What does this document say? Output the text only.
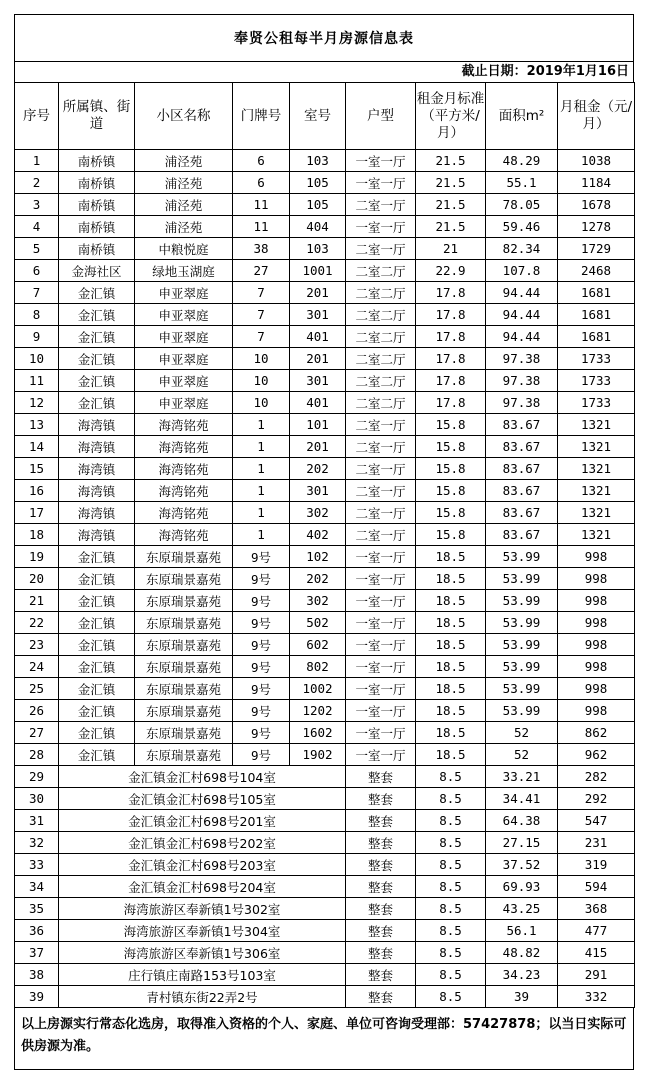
奉贤公租每半月房源信息表
截止日期：2019年1月16日
序号	所属镇、街道	小区名称	门牌号	室号	户型	租金月标准（平方米/月）	面积m²	月租金（元/月）
1	南桥镇	浦泾苑	6	103	一室一厅	21.5	48.29	1038
2	南桥镇	浦泾苑	6	105	一室一厅	21.5	55.1	1184
3	南桥镇	浦泾苑	11	105	二室一厅	21.5	78.05	1678
4	南桥镇	浦泾苑	11	404	一室一厅	21.5	59.46	1278
5	南桥镇	中粮悦庭	38	103	二室一厅	21	82.34	1729
6	金海社区	绿地玉湖庭	27	1001	二室二厅	22.9	107.8	2468
7	金汇镇	申亚翠庭	7	201	二室二厅	17.8	94.44	1681
8	金汇镇	申亚翠庭	7	301	二室二厅	17.8	94.44	1681
9	金汇镇	申亚翠庭	7	401	二室二厅	17.8	94.44	1681
10	金汇镇	申亚翠庭	10	201	二室二厅	17.8	97.38	1733
11	金汇镇	申亚翠庭	10	301	二室二厅	17.8	97.38	1733
12	金汇镇	申亚翠庭	10	401	二室二厅	17.8	97.38	1733
13	海湾镇	海湾铭苑	1	101	二室一厅	15.8	83.67	1321
14	海湾镇	海湾铭苑	1	201	二室一厅	15.8	83.67	1321
15	海湾镇	海湾铭苑	1	202	二室一厅	15.8	83.67	1321
16	海湾镇	海湾铭苑	1	301	二室一厅	15.8	83.67	1321
17	海湾镇	海湾铭苑	1	302	二室一厅	15.8	83.67	1321
18	海湾镇	海湾铭苑	1	402	二室一厅	15.8	83.67	1321
19	金汇镇	东原瑞景嘉苑	9号	102	一室一厅	18.5	53.99	998
20	金汇镇	东原瑞景嘉苑	9号	202	一室一厅	18.5	53.99	998
21	金汇镇	东原瑞景嘉苑	9号	302	一室一厅	18.5	53.99	998
22	金汇镇	东原瑞景嘉苑	9号	502	一室一厅	18.5	53.99	998
23	金汇镇	东原瑞景嘉苑	9号	602	一室一厅	18.5	53.99	998
24	金汇镇	东原瑞景嘉苑	9号	802	一室一厅	18.5	53.99	998
25	金汇镇	东原瑞景嘉苑	9号	1002	一室一厅	18.5	53.99	998
26	金汇镇	东原瑞景嘉苑	9号	1202	一室一厅	18.5	53.99	998
27	金汇镇	东原瑞景嘉苑	9号	1602	一室一厅	18.5	52	862
28	金汇镇	东原瑞景嘉苑	9号	1902	一室一厅	18.5	52	962
29	金汇镇金汇村698号104室				整套	8.5	33.21	282
30	金汇镇金汇村698号105室				整套	8.5	34.41	292
31	金汇镇金汇村698号201室				整套	8.5	64.38	547
32	金汇镇金汇村698号202室				整套	8.5	27.15	231
33	金汇镇金汇村698号203室				整套	8.5	37.52	319
34	金汇镇金汇村698号204室				整套	8.5	69.93	594
35	海湾旅游区奉新镇1号302室				整套	8.5	43.25	368
36	海湾旅游区奉新镇1号304室				整套	8.5	56.1	477
37	海湾旅游区奉新镇1号306室				整套	8.5	48.82	415
38	庄行镇庄南路153号103室				整套	8.5	34.23	291
39	青村镇东街22弄2号				整套	8.5	39	332
以上房源实行常态化选房，取得准入资格的个人、家庭、单位可咨询受理部：57427878；以当日实际可供房源为准。
